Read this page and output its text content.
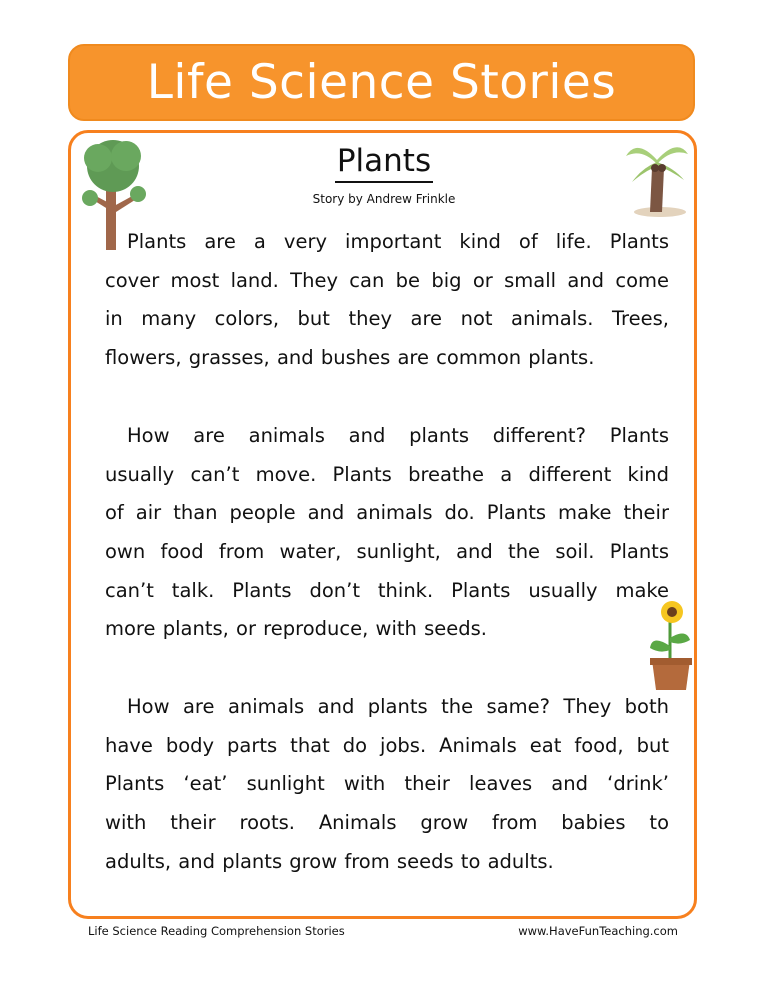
Life Science Stories
Plants
Story by Andrew Frinkle
Plants are a very important kind of life. Plants
cover most land. They can be big or small and come
in many colors, but they are not animals. Trees,
flowers, grasses, and bushes are common plants.
How are animals and plants different? Plants
usually can’t move. Plants breathe a different kind
of air than people and animals do. Plants make their
own food from water, sunlight, and the soil. Plants
can’t talk. Plants don’t think. Plants usually make
more plants, or reproduce, with seeds.
How are animals and plants the same? They both
have body parts that do jobs. Animals eat food, but
Plants ‘eat’ sunlight with their leaves and ‘drink’
with their roots. Animals grow from babies to
adults, and plants grow from seeds to adults.
Life Science Reading Comprehension Stories	www.HaveFunTeaching.com
